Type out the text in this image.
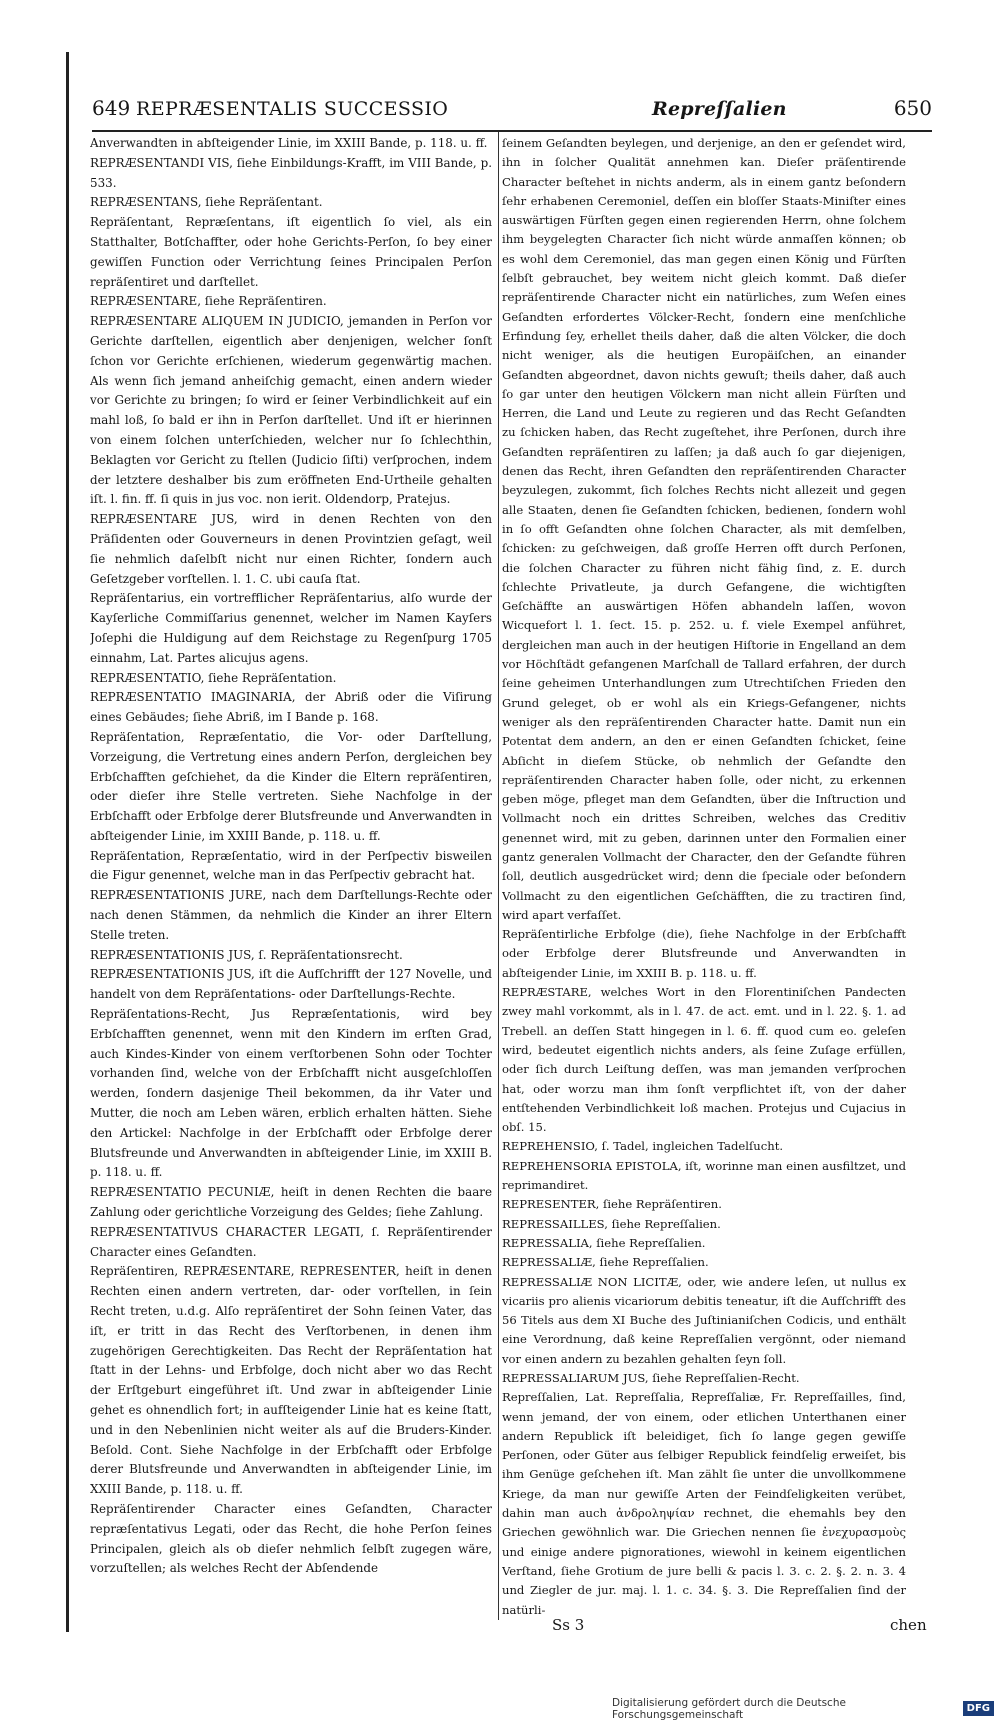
649 REPRÆSENTALIS SUCCESSIO	Repreſſalien	650

Anverwandten in abſteigender Linie, im XXIII Bande, p. 118. u. ff.

REPRÆSENTANDI VIS, ſiehe Einbildungs-Krafft, im VIII Bande, p. 533.

REPRÆSENTANS, ſiehe Repräſentant.

Repräſentant, Repræſentans, iſt eigentlich ſo viel, als ein Statthalter, Botſchaffter, oder hohe Gerichts-Perſon, ſo bey einer gewiſſen Function oder Verrichtung ſeines Principalen Perſon repräſentiret und darſtellet.

REPRÆSENTARE, ſiehe Repräſentiren.

REPRÆSENTARE ALIQUEM IN JUDICIO, jemanden in Perſon vor Gerichte darſtellen, eigentlich aber denjenigen, welcher ſonſt ſchon vor Gerichte erſchienen, wiederum gegenwärtig machen. Als wenn ſich jemand anheiſchig gemacht, einen andern wieder vor Gerichte zu bringen; ſo wird er ſeiner Verbindlichkeit auf ein mahl loß, ſo bald er ihn in Perſon darſtellet. Und iſt er hierinnen von einem ſolchen unterſchieden, welcher nur ſo ſchlechthin, Beklagten vor Gericht zu ſtellen (Judicio ſiſti) verſprochen, indem der letztere deshalber bis zum eröffneten End-Urtheile gehalten iſt. l. fin. ff. ſi quis in jus voc. non ierit. Oldendorp, Pratejus.

REPRÆSENTARE JUS, wird in denen Rechten von den Präſidenten oder Gouverneurs in denen Provintzien geſagt, weil ſie nehmlich daſelbſt nicht nur einen Richter, ſondern auch Geſetzgeber vorſtellen. l. 1. C. ubi cauſa ſtat.

Repräſentarius, ein vortrefflicher Repräſentarius, alſo wurde der Kayſerliche Commiſſarius genennet, welcher im Namen Kayſers Joſephi die Huldigung auf dem Reichstage zu Regenſpurg 1705 einnahm, Lat. Partes alicujus agens.

REPRÆSENTATIO, ſiehe Repräſentation.

REPRÆSENTATIO IMAGINARIA, der Abriß oder die Viſirung eines Gebäudes; ſiehe Abriß, im I Bande p. 168.

Repräſentation, Repræſentatio, die Vor- oder Darſtellung, Vorzeigung, die Vertretung eines andern Perſon, dergleichen bey Erbſchafften geſchiehet, da die Kinder die Eltern repräſentiren, oder dieſer ihre Stelle vertreten. Siehe Nachfolge in der Erbſchafft oder Erbfolge derer Blutsfreunde und Anverwandten in abſteigender Linie, im XXIII Bande, p. 118. u. ff.

Repräſentation, Repræſentatio, wird in der Perſpectiv bisweilen die Figur genennet, welche man in das Perſpectiv gebracht hat.

REPRÆSENTATIONIS JURE, nach dem Darſtellungs-Rechte oder nach denen Stämmen, da nehmlich die Kinder an ihrer Eltern Stelle treten.

REPRÆSENTATIONIS JUS, ſ. Repräſentationsrecht.

REPRÆSENTATIONIS JUS, iſt die Aufſchrifft der 127 Novelle, und handelt von dem Repräſentations- oder Darſtellungs-Rechte.

Repräſentations-Recht, Jus Repræſentationis, wird bey Erbſchafften genennet, wenn mit den Kindern im erſten Grad, auch Kindes-Kinder von einem verſtorbenen Sohn oder Tochter vorhanden ſind, welche von der Erbſchafft nicht ausgeſchloſſen werden, ſondern dasjenige Theil bekommen, da ihr Vater und Mutter, die noch am Leben wären, erblich erhalten hätten. Siehe den Artickel: Nachfolge in der Erbſchafft oder Erbfolge derer Blutsfreunde und Anverwandten in abſteigender Linie, im XXIII B. p. 118. u. ff.

REPRÆSENTATIO PECUNIÆ, heiſt in denen Rechten die baare Zahlung oder gerichtliche Vorzeigung des Geldes; ſiehe Zahlung.

REPRÆSENTATIVUS CHARACTER LEGATI, ſ. Repräſentirender Character eines Geſandten.

Repräſentiren, REPRÆSENTARE, REPRESENTER, heiſt in denen Rechten einen andern vertreten, dar- oder vorſtellen, in ſein Recht treten, u.d.g. Alſo repräſentiret der Sohn ſeinen Vater, das iſt, er tritt in das Recht des Verſtorbenen, in denen ihm zugehörigen Gerechtigkeiten. Das Recht der Repräſentation hat ſtatt in der Lehns- und Erbfolge, doch nicht aber wo das Recht der Erſtgeburt eingeführet iſt. Und zwar in abſteigender Linie gehet es ohnendlich fort; in aufſteigender Linie hat es keine ſtatt, und in den Nebenlinien nicht weiter als auf die Bruders-Kinder. Beſold. Cont. Siehe Nachfolge in der Erbſchafft oder Erbfolge derer Blutsfreunde und Anverwandten in abſteigender Linie, im XXIII Bande, p. 118. u. ff.

Repräſentirender Character eines Geſandten, Character repræſentativus Legati, oder das Recht, die hohe Perſon ſeines Principalen, gleich als ob dieſer nehmlich ſelbſt zugegen wäre, vorzuſtellen; als welches Recht der Abſendende

ſeinem Geſandten beylegen, und derjenige, an den er geſendet wird, ihn in ſolcher Qualität annehmen kan. Dieſer präſentirende Character beſtehet in nichts anderm, als in einem gantz beſondern ſehr erhabenen Ceremoniel, deſſen ein bloſſer Staats-Miniſter eines auswärtigen Fürſten gegen einen regierenden Herrn, ohne ſolchem ihm beygelegten Character ſich nicht würde anmaſſen können; ob es wohl dem Ceremoniel, das man gegen einen König und Fürſten ſelbſt gebrauchet, bey weitem nicht gleich kommt. Daß dieſer repräſentirende Character nicht ein natürliches, zum Weſen eines Geſandten erfordertes Völcker-Recht, ſondern eine menſchliche Erfindung ſey, erhellet theils daher, daß die alten Völcker, die doch nicht weniger, als die heutigen Europäiſchen, an einander Geſandten abgeordnet, davon nichts gewuſt; theils daher, daß auch ſo gar unter den heutigen Völckern man nicht allein Fürſten und Herren, die Land und Leute zu regieren und das Recht Geſandten zu ſchicken haben, das Recht zugeſtehet, ihre Perſonen, durch ihre Geſandten repräſentiren zu laſſen; ja daß auch ſo gar diejenigen, denen das Recht, ihren Geſandten den repräſentirenden Character beyzulegen, zukommt, ſich ſolches Rechts nicht allezeit und gegen alle Staaten, denen ſie Geſandten ſchicken, bedienen, ſondern wohl in ſo offt Geſandten ohne ſolchen Character, als mit demſelben, ſchicken: zu geſchweigen, daß groſſe Herren offt durch Perſonen, die ſolchen Character zu führen nicht fähig ſind, z. E. durch ſchlechte Privatleute, ja durch Gefangene, die wichtigſten Geſchäffte an auswärtigen Höfen abhandeln laſſen, wovon Wicquefort l. 1. ſect. 15. p. 252. u. f. viele Exempel anführet, dergleichen man auch in der heutigen Hiſtorie in Engelland an dem vor Höchſtädt gefangenen Marſchall de Tallard erfahren, der durch ſeine geheimen Unterhandlungen zum Utrechtiſchen Frieden den Grund geleget, ob er wohl als ein Kriegs-Gefangener, nichts weniger als den repräſentirenden Character hatte. Damit nun ein Potentat dem andern, an den er einen Geſandten ſchicket, ſeine Abſicht in dieſem Stücke, ob nehmlich der Geſandte den repräſentirenden Character haben ſolle, oder nicht, zu erkennen geben möge, pfleget man dem Geſandten, über die Inſtruction und Vollmacht noch ein drittes Schreiben, welches das Creditiv genennet wird, mit zu geben, darinnen unter den Formalien einer gantz generalen Vollmacht der Character, den der Geſandte führen ſoll, deutlich ausgedrücket wird; denn die ſpeciale oder beſondern Vollmacht zu den eigentlichen Geſchäfften, die zu tractiren ſind, wird apart verfaſſet.

Repräſentirliche Erbfolge (die), ſiehe Nachfolge in der Erbſchafft oder Erbfolge derer Blutsfreunde und Anverwandten in abſteigender Linie, im XXIII B. p. 118. u. ff.

REPRÆSTARE, welches Wort in den Florentiniſchen Pandecten zwey mahl vorkommt, als in l. 47. de act. emt. und in l. 22. §. 1. ad Trebell. an deſſen Statt hingegen in l. 6. ff. quod cum eo. geleſen wird, bedeutet eigentlich nichts anders, als ſeine Zuſage erfüllen, oder ſich durch Leiſtung deſſen, was man jemanden verſprochen hat, oder worzu man ihm ſonſt verpflichtet iſt, von der daher entſtehenden Verbindlichkeit loß machen. Protejus und Cujacius in obſ. 15.

REPREHENSIO, ſ. Tadel, ingleichen Tadelſucht.

REPREHENSORIA EPISTOLA, iſt, worinne man einen ausfiltzet, und reprimandiret.

REPRESENTER, ſiehe Repräſentiren.

REPRESSAILLES, ſiehe Repreſſalien.

REPRESSALIA, ſiehe Repreſſalien.

REPRESSALIÆ, ſiehe Repreſſalien.

REPRESSALIÆ NON LICITÆ, oder, wie andere leſen, ut nullus ex vicariis pro alienis vicariorum debitis teneatur, iſt die Aufſchrifft des 56 Titels aus dem XI Buche des Juſtinianiſchen Codicis, und enthält eine Verordnung, daß keine Repreſſalien vergönnt, oder niemand vor einen andern zu bezahlen gehalten ſeyn ſoll.

REPRESSALIARUM JUS, ſiehe Repreſſalien-Recht.

Repreſſalien, Lat. Repreſſalia, Repreſſaliæ, Fr. Repreſſailles, ſind, wenn jemand, der von einem, oder etlichen Unterthanen einer andern Republick iſt beleidiget, ſich ſo lange gegen gewiſſe Perſonen, oder Güter aus ſelbiger Republick feindſelig erweiſet, bis ihm Genüge geſchehen iſt. Man zählt ſie unter die unvollkommene Kriege, da man nur gewiſſe Arten der Feindſeligkeiten verübet, dahin man auch ἀνδροληψίαν rechnet, die ehemahls bey den Griechen gewöhnlich war. Die Griechen nennen ſie ἐνεχυρασμοὺς und einige andere pignorationes, wiewohl in keinem eigentlichen Verſtand, ſiehe Grotium de jure belli & pacis l. 3. c. 2. §. 2. n. 3. 4 und Ziegler de jur. maj. l. 1. c. 34. §. 3. Die Repreſſalien ſind der natürli-

Ss 3	chen
Digitalisierung gefördert durch die Deutsche Forschungsgemeinschaft	DFG
